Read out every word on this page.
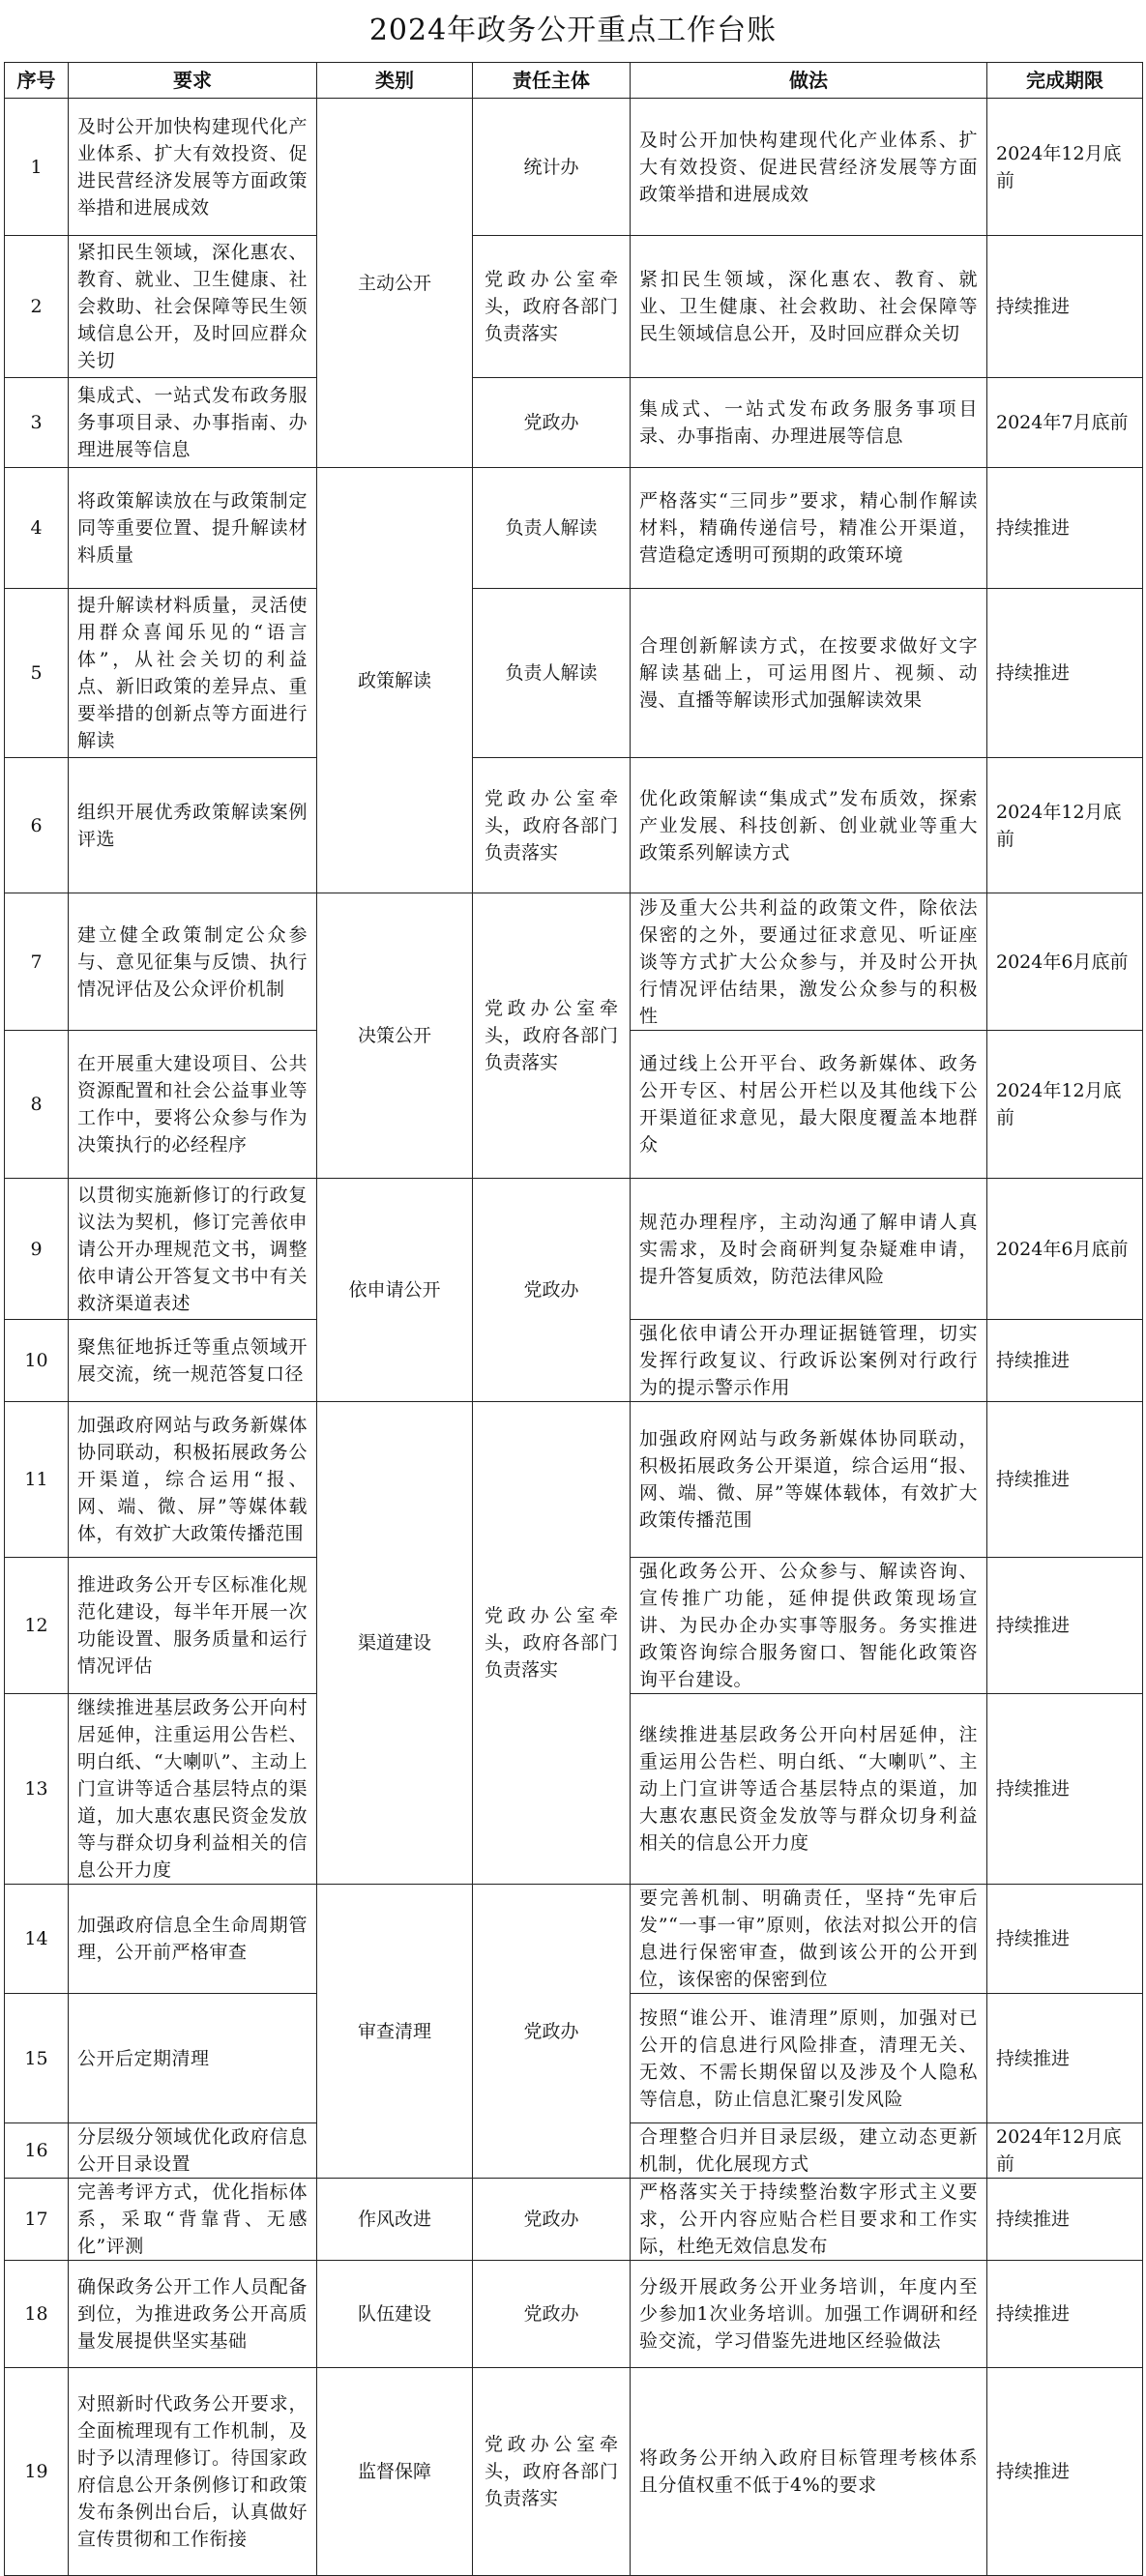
2024年政务公开重点工作台账
序号	要求	类别	责任主体	做法	完成期限
1	及时公开加快构建现代化产业体系、扩大有效投资、促进民营经济发展等方面政策举措和进展成效	主动公开	统计办	及时公开加快构建现代化产业体系、扩大有效投资、促进民营经济发展等方面政策举措和进展成效	2024年12月底前
2	紧扣民生领域，深化惠农、教育、就业、卫生健康、社会救助、社会保障等民生领域信息公开，及时回应群众关切		党政办公室牵头，政府各部门负责落实	紧扣民生领域，深化惠农、教育、就业、卫生健康、社会救助、社会保障等民生领域信息公开，及时回应群众关切	持续推进
3	集成式、一站式发布政务服务事项目录、办事指南、办理进展等信息		党政办	集成式、一站式发布政务服务事项目录、办事指南、办理进展等信息	2024年7月底前
4	将政策解读放在与政策制定同等重要位置、提升解读材料质量	政策解读	负责人解读	严格落实“三同步”要求，精心制作解读材料，精确传递信号，精准公开渠道，营造稳定透明可预期的政策环境	持续推进
5	提升解读材料质量，灵活使用群众喜闻乐见的“语言体”，从社会关切的利益点、新旧政策的差异点、重要举措的创新点等方面进行解读		负责人解读	合理创新解读方式，在按要求做好文字解读基础上，可运用图片、视频、动漫、直播等解读形式加强解读效果	持续推进
6	组织开展优秀政策解读案例评选		党政办公室牵头，政府各部门负责落实	优化政策解读“集成式”发布质效，探索产业发展、科技创新、创业就业等重大政策系列解读方式	2024年12月底前
7	建立健全政策制定公众参与、意见征集与反馈、执行情况评估及公众评价机制	决策公开	党政办公室牵头，政府各部门负责落实	涉及重大公共利益的政策文件，除依法保密的之外，要通过征求意见、听证座谈等方式扩大公众参与，并及时公开执行情况评估结果，激发公众参与的积极性	2024年6月底前
8	在开展重大建设项目、公共资源配置和社会公益事业等工作中，要将公众参与作为决策执行的必经程序			通过线上公开平台、政务新媒体、政务公开专区、村居公开栏以及其他线下公开渠道征求意见，最大限度覆盖本地群众	2024年12月底前
9	以贯彻实施新修订的行政复议法为契机，修订完善依申请公开办理规范文书，调整依申请公开答复文书中有关救济渠道表述	依申请公开	党政办	规范办理程序，主动沟通了解申请人真实需求，及时会商研判复杂疑难申请，提升答复质效，防范法律风险	2024年6月底前
10	聚焦征地拆迁等重点领域开展交流，统一规范答复口径			强化依申请公开办理证据链管理，切实发挥行政复议、行政诉讼案例对行政行为的提示警示作用	持续推进
11	加强政府网站与政务新媒体协同联动，积极拓展政务公开渠道，综合运用“报、网、端、微、屏”等媒体载体，有效扩大政策传播范围	渠道建设	党政办公室牵头，政府各部门负责落实	加强政府网站与政务新媒体协同联动，积极拓展政务公开渠道，综合运用“报、网、端、微、屏”等媒体载体，有效扩大政策传播范围	持续推进
12	推进政务公开专区标准化规范化建设，每半年开展一次功能设置、服务质量和运行情况评估			强化政务公开、公众参与、解读咨询、宣传推广功能，延伸提供政策现场宣讲、为民办企办实事等服务。务实推进政策咨询综合服务窗口、智能化政策咨询平台建设。	持续推进
13	继续推进基层政务公开向村居延伸，注重运用公告栏、明白纸、“大喇叭”、主动上门宣讲等适合基层特点的渠道，加大惠农惠民资金发放等与群众切身利益相关的信息公开力度			继续推进基层政务公开向村居延伸，注重运用公告栏、明白纸、“大喇叭”、主动上门宣讲等适合基层特点的渠道，加大惠农惠民资金发放等与群众切身利益相关的信息公开力度	持续推进
14	加强政府信息全生命周期管理，公开前严格审查	审查清理	党政办	要完善机制、明确责任，坚持“先审后发”“一事一审”原则，依法对拟公开的信息进行保密审查，做到该公开的公开到位，该保密的保密到位	持续推进
15	公开后定期清理			按照“谁公开、谁清理”原则，加强对已公开的信息进行风险排查，清理无关、无效、不需长期保留以及涉及个人隐私等信息，防止信息汇聚引发风险	持续推进
16	分层级分领域优化政府信息公开目录设置			合理整合归并目录层级，建立动态更新机制，优化展现方式	2024年12月底前
17	完善考评方式，优化指标体系，采取“背靠背、无感化”评测	作风改进	党政办	严格落实关于持续整治数字形式主义要求，公开内容应贴合栏目要求和工作实际，杜绝无效信息发布	持续推进
18	确保政务公开工作人员配备到位，为推进政务公开高质量发展提供坚实基础	队伍建设	党政办	分级开展政务公开业务培训，年度内至少参加1次业务培训。加强工作调研和经验交流，学习借鉴先进地区经验做法	持续推进
19	对照新时代政务公开要求，全面梳理现有工作机制，及时予以清理修订。待国家政府信息公开条例修订和政策发布条例出台后，认真做好宣传贯彻和工作衔接	监督保障	党政办公室牵头，政府各部门负责落实	将政务公开纳入政府目标管理考核体系且分值权重不低于4%的要求	持续推进
